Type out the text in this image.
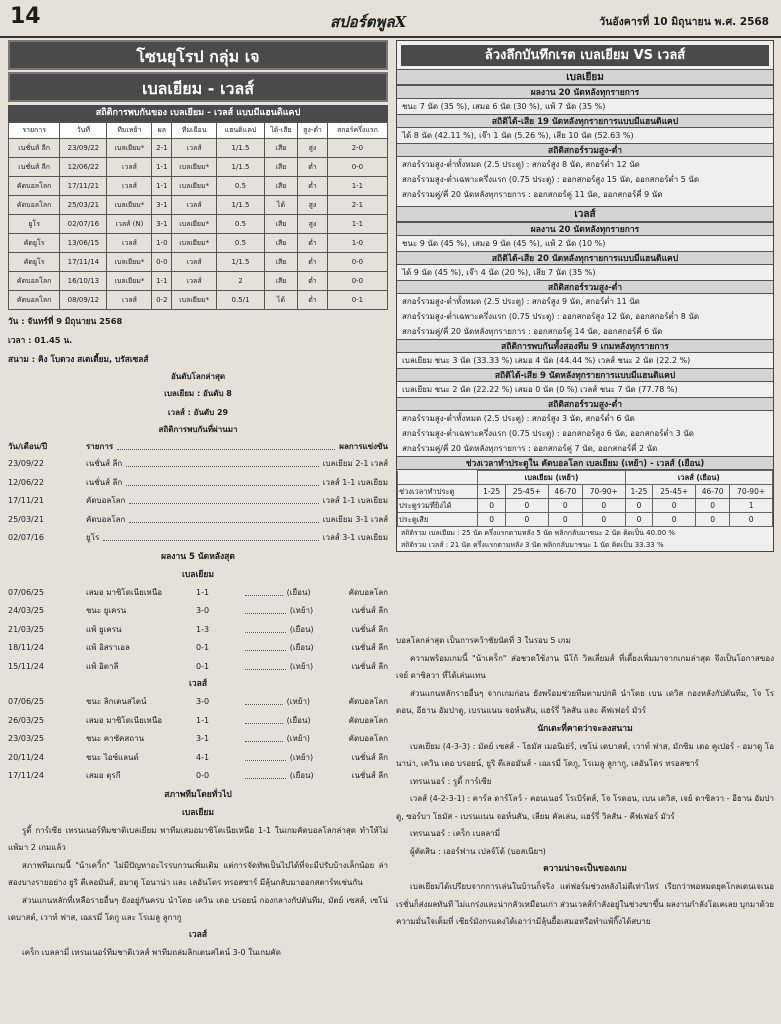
14	สปอร์ตพูลX	วันอังคารที่ 10 มิถุนายน พ.ศ. 2568
โซนยุโรป กลุ่ม เจ
เบลเยียม - เวลส์
สถิติการพบกันของ เบลเยียม - เวลส์ แบบมีแฮนดิแคป
รายการ	วันที่	ทีมเหย้า	ผล	ทีมเยือน	แฮนดิแคป	ได้-เสีย	สูง-ต่ำ	สกอร์ครึ่งแรก
เนชั่นส์ ลีก	23/09/22	เบลเยียม*	2-1	เวลส์	1/1.5	เสีย	สูง	2-0
เนชั่นส์ ลีก	12/06/22	เวลส์	1-1	เบลเยียม*	1/1.5	เสีย	ต่ำ	0-0
คัดบอลโลก	17/11/21	เวลส์	1-1	เบลเยียม*	0.5	เสีย	ต่ำ	1-1
คัดบอลโลก	25/03/21	เบลเยียม*	3-1	เวลส์	1/1.5	ได้	สูง	2-1
ยูโร	02/07/16	เวลส์ (N)	3-1	เบลเยียม*	0.5	เสีย	สูง	1-1
คัดยูโร	13/06/15	เวลส์	1-0	เบลเยียม*	0.5	เสีย	ต่ำ	1-0
คัดยูโร	17/11/14	เบลเยียม*	0-0	เวลส์	1/1.5	เสีย	ต่ำ	0-0
คัดบอลโลก	16/10/13	เบลเยียม*	1-1	เวลส์	2	เสีย	ต่ำ	0-0
คัดบอลโลก	08/09/12	เวลส์	0-2	เบลเยียม*	0.5/1	ได้	ต่ำ	0-1
วัน : จันทร์ที่ 9 มิถุนายน 2568
เวลา : 01.45 น.
สนาม : คิง โบดวง สเตเดี้ยม, บรัสเซลส์
อันดับโลกล่าสุด
เบลเยียม : อันดับ 8
เวลส์ : อันดับ 29
สถิติการพบกันที่ผ่านมา
วัน/เดือน/ปี	รายการ	ผลการแข่งขัน
23/09/22	เนชั่นส์ ลีก	เบลเยียม 2-1 เวลส์
12/06/22	เนชั่นส์ ลีก	เวลส์ 1-1 เบลเยียม
17/11/21	คัดบอลโลก	เวลส์ 1-1 เบลเยียม
25/03/21	คัดบอลโลก	เบลเยียม 3-1 เวลส์
02/07/16	ยูโร	เวลส์ 3-1 เบลเยียม
ผลงาน 5 นัดหลังสุด
เบลเยียม
07/06/25	เสมอ มาซิโดเนียเหนือ	1-1	(เยือน)	คัดบอลโลก
24/03/25	ชนะ ยูเครน	3-0	(เหย้า)	เนชั่นส์ ลีก
21/03/25	แพ้ ยูเครน	1-3	(เยือน)	เนชั่นส์ ลีก
18/11/24	แพ้ อิสราเอล	0-1	(เยือน)	เนชั่นส์ ลีก
15/11/24	แพ้ อิตาลี	0-1	(เหย้า)	เนชั่นส์ ลีก
เวลส์
07/06/25	ชนะ ลิกเตนสไตน์	3-0	(เหย้า)	คัดบอลโลก
26/03/25	เสมอ มาซิโดเนียเหนือ	1-1	(เยือน)	คัดบอลโลก
23/03/25	ชนะ คาซัคสถาน	3-1	(เหย้า)	คัดบอลโลก
20/11/24	ชนะ ไอซ์แลนด์	4-1	(เหย้า)	เนชั่นส์ ลีก
17/11/24	เสมอ ตุรกี	0-0	(เยือน)	เนชั่นส์ ลีก
สภาพทีมโดยทั่วไป
เบลเยียม

รูดี้ การ์เซีย เทรนเนอร์ทีมชาติเบลเยียม พาทีมเสมอมาซิโดเนียเหนือ 1-1 ในเกมคัดบอลโลกล่าสุด ทำให้ไม่แพ้มา 2 เกมแล้ว

สภาพทีมเกมนี้ "น้าเควิ้ก" ไม่มีปัญหาอะไรรบกวนเพิ่มเติม แต่การจัดทัพเป็นไปได้ที่จะมีปรับบ้างเล็กน้อย ล่าสองบางรายอย่าง ยูริ ตีเลอมันส์, อมาดู โอนาน่า และ เลอันโดร ทรอสซาร์ มีลุ้นกลับมาออกสตาร์ทเช่นกัน

ส่วนแกนหลักที่เหลือรายอื่นๆ ยังอยู่กันครบ นำโดย เควิน เดอ บรอยน์ กองกลางกัปตันทีม, มัตย์ เซสส์, เซโน่ เดบาสต์, เวาท์ ฟาส, เฌเรมี่ โดกู และ โรเมลู ลูกากู

เวลส์

เคร็ก เบลลามี่ เทรนเนอร์ทีมชาติเวลส์ พาทีมถล่มลิกเตนสไตน์ 3-0 ในเกมคัด

ล้วงลึกบันทึกเรต เบลเยียม VS เวลส์
เบลเยียม
ผลงาน 20 นัดหลังทุกรายการ
ชนะ 7 นัด (35 %), เสมอ 6 นัด (30 %), แพ้ 7 นัด (35 %)
สถิติได้-เสีย 19 นัดหลังทุกรายการแบบมีแฮนดิแคป
ได้ 8 นัด (42.11 %), เจ๊า 1 นัด (5.26 %), เสีย 10 นัด (52.63 %)
สถิติสกอร์รวมสูง-ต่ำ
สกอร์รวมสูง-ต่ำทั้งหมด (2.5 ประตู) : สกอร์สูง 8 นัด, สกอร์ต่ำ 12 นัด
สกอร์รวมสูง-ต่ำเฉพาะครึ่งแรก (0.75 ประตู) : ออกสกอร์สูง 15 นัด, ออกสกอร์ต่ำ 5 นัด
สกอร์รวมคู่/คี่ 20 นัดหลังทุกรายการ : ออกสกอร์คู่ 11 นัด, ออกสกอร์คี่ 9 นัด
เวลส์
ผลงาน 20 นัดหลังทุกรายการ
ชนะ 9 นัด (45 %), เสมอ 9 นัด (45 %), แพ้ 2 นัด (10 %)
สถิติได้-เสีย 20 นัดหลังทุกรายการแบบมีแฮนดิแคป
ได้ 9 นัด (45 %), เจ๊า 4 นัด (20 %), เสีย 7 นัด (35 %)
สถิติสกอร์รวมสูง-ต่ำ
สกอร์รวมสูง-ต่ำทั้งหมด (2.5 ประตู) : สกอร์สูง 9 นัด, สกอร์ต่ำ 11 นัด
สกอร์รวมสูง-ต่ำเฉพาะครึ่งแรก (0.75 ประตู) : ออกสกอร์สูง 12 นัด, ออกสกอร์ต่ำ 8 นัด
สกอร์รวมคู่/คี่ 20 นัดหลังทุกรายการ : ออกสกอร์คู่ 14 นัด, ออกสกอร์คี่ 6 นัด
สถิติการพบกันทั้งสองทีม 9 เกมหลังทุกรายการ
เบลเยียม ชนะ 3 นัด (33.33 %) เสมอ 4 นัด (44.44 %) เวลส์ ชนะ 2 นัด (22.2 %)
สถิติได้-เสีย 9 นัดหลังทุกรายการแบบมีแฮนดิแคป
เบลเยียม ชนะ 2 นัด (22.22 %) เสมอ 0 นัด (0 %) เวลส์ ชนะ 7 นัด (77.78 %)
สถิติสกอร์รวมสูง-ต่ำ
สกอร์รวมสูง-ต่ำทั้งหมด (2.5 ประตู) : สกอร์สูง 3 นัด, สกอร์ต่ำ 6 นัด
สกอร์รวมสูง-ต่ำเฉพาะครึ่งแรก (0.75 ประตู) : ออกสกอร์สูง 6 นัด, ออกสกอร์ต่ำ 3 นัด
สกอร์รวมคู่/คี่ 20 นัดหลังทุกรายการ : ออกสกอร์คู่ 7 นัด, ออกสกอร์คี่ 2 นัด
ช่วงเวลาทำประตูใน คัดบอลโลก เบลเยียม (เหย้า) - เวลส์ (เยือน)
	เบลเยียม (เหย้า)				เวลส์ (เยือน)			
ช่วงเวลาทำประตู	1-25	25-45+	46-70	70-90+	1-25	25-45+	46-70	70-90+
ประตูรวมที่ยิงได้	0	0	0	0	0	0	0	1
ประตูเสีย	0	0	0	0	0	0	0	0
สถิติรวม เบลเยียม : 25 นัด ครึ่งแรกตามหลัง 5 นัด พลิกกลับมาชนะ 2 นัด คิดเป็น 40.00 %
สถิติรวม เวลส์ : 21 นัด ครึ่งแรกตามหลัง 3 นัด พลิกกลับมาชนะ 1 นัด คิดเป็น 33.33 %

บอลโลกล่าสุด เป็นการคว้าชัยนัดที่ 3 ในรอบ 5 เกม

ความพร้อมเกมนี้ "น้าเคร็ก" ส่อชวดใช้งาน นีโก้ วิลเลี่ยมส์ ที่เดี้ยงเพิ่มมาจากเกมล่าสุด จึงเป็นโอกาสของ เจย์ ดาซิลวา ที่ได้เล่นแทน

ส่วนแกนหลักรายอื่นๆ จากเกมก่อน ยังพร้อมช่วยทีมตามปกติ นำโดย เบน เดวิส กองหลังกัปตันทีม, โจ โรดอน, อีธาน อัมปาดู, เบรนแนน จอห์นสัน, แฮร์รี่ วิลสัน และ คีฟเฟอร์ มัวร์

นักเตะที่คาดว่าจะลงสนาม

เบลเยียม (4-3-3) : มัตย์ เซสส์ - โธมัส เมอนิเย่ร์, เซโน่ เดบาสต์, เวาท์ ฟาส, มักซิม เดอ คูเปอร์ - อมาดู โอนาน่า, เควิน เดอ บรอยน์, ยูริ ตีเลอมันส์ - เฌเรมี่ โดกู, โรเมลู ลูกากู, เลอันโดร ทรอสซาร์

เทรนเนอร์ : รูดี้ การ์เซีย

เวลส์ (4-2-3-1) : คาร์ล ดาร์โลว์ - คอนเนอร์ โรเบิร์ตส์, โจ โรดอน, เบน เดวิส, เจย์ ดาซิลวา - อีธาน อัมปาดู, ซอร์บา โธมัส - เบรนแนน จอห์นสัน, เลียม คัลเล่น, แฮร์รี่ วิลสัน - คีฟเฟอร์ มัวร์

เทรนเนอร์ : เคร็ก เบลลามี่

ผู้ตัดสิน : เออร์ฟาน เปลจ์โต้ (บอสเนียฯ)

ความน่าจะเป็นของเกม

เบลเยียมได้เปรียบจากการเล่นในบ้านก็จริง แต่ฟอร์มช่วงหลังไม่ดีเท่าไหร่ เรียกว่าพอหมดยุคโกลเดนเจเนอเรชั่นก็ส่งผลทันที ไม่แกร่งและน่ากลัวเหมือนเก่า ส่วนเวลส์กำลังอยู่ในช่วงขาขึ้น ผลงานกำลังโอเคเลย บุกมาด้วยความมั่นใจเต็มที่ เชียร์มังกรแดงได้เอาว่ามีลุ้นยื้อเสมอหรือทำแพ้กิ๊งได้สบาย
